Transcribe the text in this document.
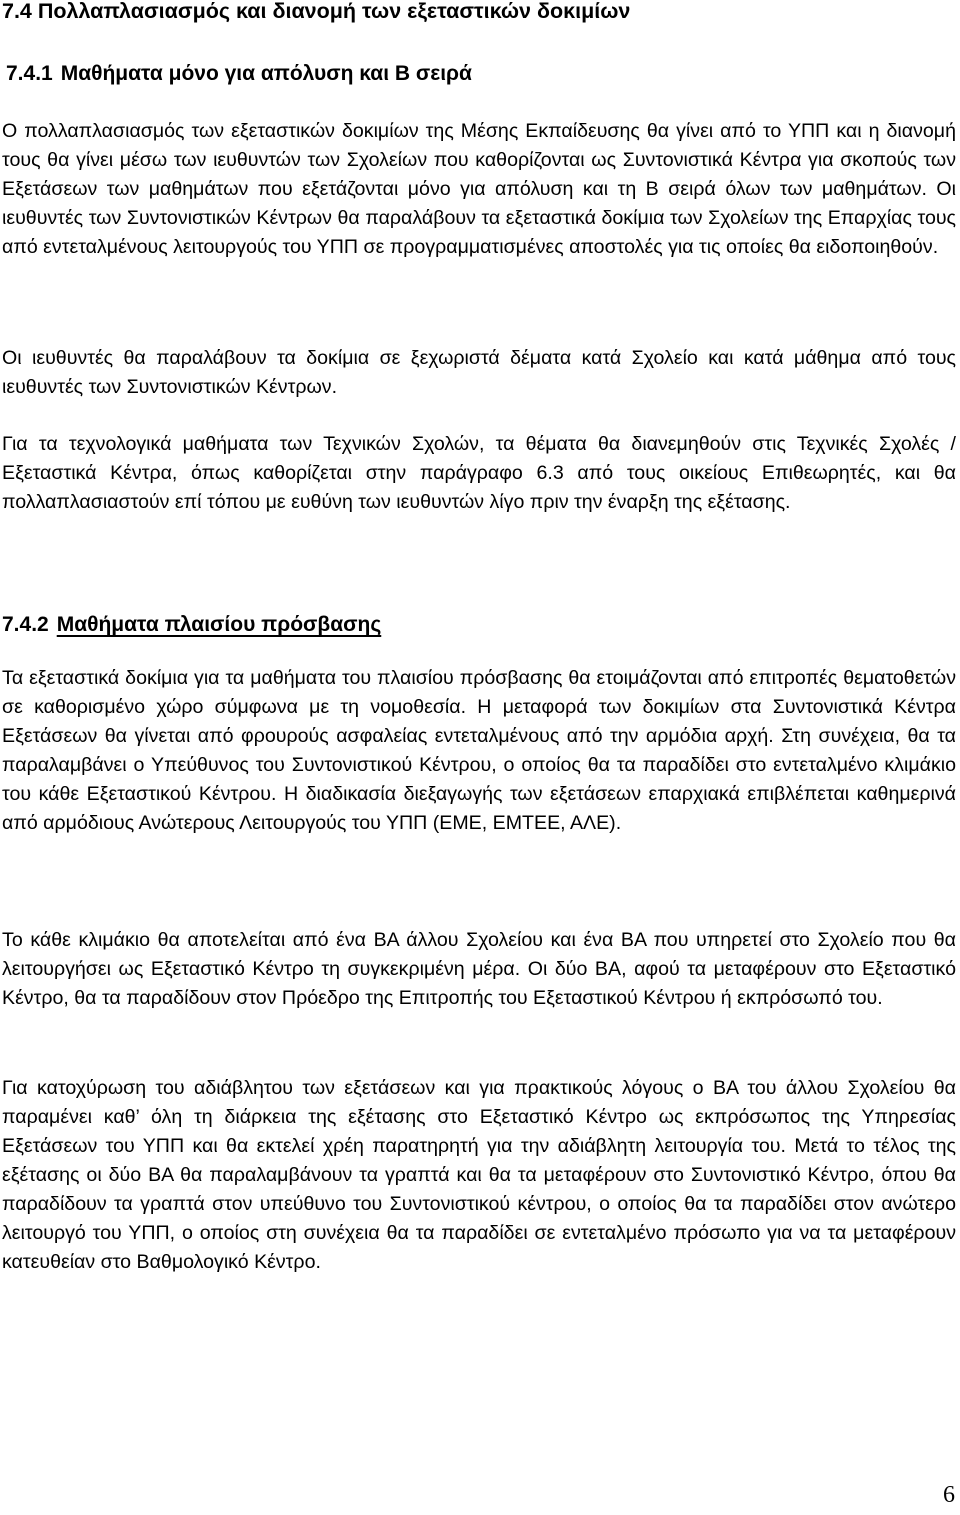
7.4 Πολλαπλασιασμός και διανομή των εξεταστικών δοκιμίων
7.4.1 Μαθήματα μόνο για απόλυση και Β σειρά

Ο πολλαπλασιασμός των εξεταστικών δοκιμίων της Μέσης Εκπαίδευσης θα γίνει από το ΥΠΠ και η διανομή τους θα γίνει μέσω των ιευθυντών των Σχολείων που καθορίζονται ως Συντονιστικά Κέντρα για σκοπούς των Εξετάσεων των μαθημάτων που εξετάζονται μόνο για απόλυση και τη Β σειρά όλων των μαθημάτων. Οι ιευθυντές των Συντονιστικών Κέντρων θα παραλάβουν τα εξεταστικά δοκίμια των Σχολείων της Επαρχίας τους από εντεταλμένους λειτουργούς του ΥΠΠ σε προγραμματισμένες αποστολές για τις οποίες θα ειδοποιηθούν.

Οι ιευθυντές θα παραλάβουν τα δοκίμια σε ξεχωριστά δέματα κατά Σχολείο και κατά μάθημα από τους ιευθυντές των Συντονιστικών Κέντρων.

Για τα τεχνολογικά μαθήματα των Τεχνικών Σχολών, τα θέματα θα διανεμηθούν στις Τεχνικές Σχολές /Εξεταστικά Κέντρα, όπως καθορίζεται στην παράγραφο 6.3 από τους οικείους Επιθεωρητές, και θα πολλαπλασιαστούν επί τόπου με ευθύνη των ιευθυντών λίγο πριν την έναρξη της εξέτασης.

7.4.2 Μαθήματα πλαισίου πρόσβασης

Τα εξεταστικά δοκίμια για τα μαθήματα του πλαισίου πρόσβασης θα ετοιμάζονται από επιτροπές θεματοθετών σε καθορισμένο χώρο σύμφωνα με τη νομοθεσία. Η μεταφορά των δοκιμίων στα Συντονιστικά Κέντρα Εξετάσεων θα γίνεται από φρουρούς ασφαλείας εντεταλμένους από την αρμόδια αρχή. Στη συνέχεια, θα τα παραλαμβάνει ο Υπεύθυνος του Συντονιστικού Κέντρου, ο οποίος θα τα παραδίδει στο εντεταλμένο κλιμάκιο του κάθε Εξεταστικού Κέντρου. Η διαδικασία διεξαγωγής των εξετάσεων επαρχιακά επιβλέπεται καθημερινά από αρμόδιους Ανώτερους Λειτουργούς του ΥΠΠ (ΕΜΕ, ΕΜΤΕΕ, ΑΛΕ).

Το κάθε κλιμάκιο θα αποτελείται από ένα ΒΑ άλλου Σχολείου και ένα ΒΑ που υπηρετεί στο Σχολείο που θα λειτουργήσει ως Εξεταστικό Κέντρο τη συγκεκριμένη μέρα. Οι δύο ΒΑ, αφού τα μεταφέρουν στο Εξεταστικό Κέντρο, θα τα παραδίδουν στον Πρόεδρο της Επιτροπής του Εξεταστικού Κέντρου ή εκπρόσωπό του.

Για κατοχύρωση του αδιάβλητου των εξετάσεων και για πρακτικούς λόγους ο ΒΑ του άλλου Σχολείου θα παραμένει καθ’ όλη τη διάρκεια της εξέτασης στο Εξεταστικό Κέντρο ως εκπρόσωπος της Υπηρεσίας Εξετάσεων του ΥΠΠ και θα εκτελεί χρέη παρατηρητή για την αδιάβλητη λειτουργία του. Μετά το τέλος της εξέτασης οι δύο ΒΑ θα παραλαμβάνουν τα γραπτά και θα τα μεταφέρουν στο Συντονιστικό Κέντρο, όπου θα παραδίδουν τα γραπτά στον υπεύθυνο του Συντονιστικού κέντρου, ο οποίος θα τα παραδίδει στον ανώτερο λειτουργό του ΥΠΠ, ο οποίος στη συνέχεια θα τα παραδίδει σε εντεταλμένο πρόσωπο για να τα μεταφέρουν κατευθείαν στο Βαθμολογικό Κέντρο.

6
